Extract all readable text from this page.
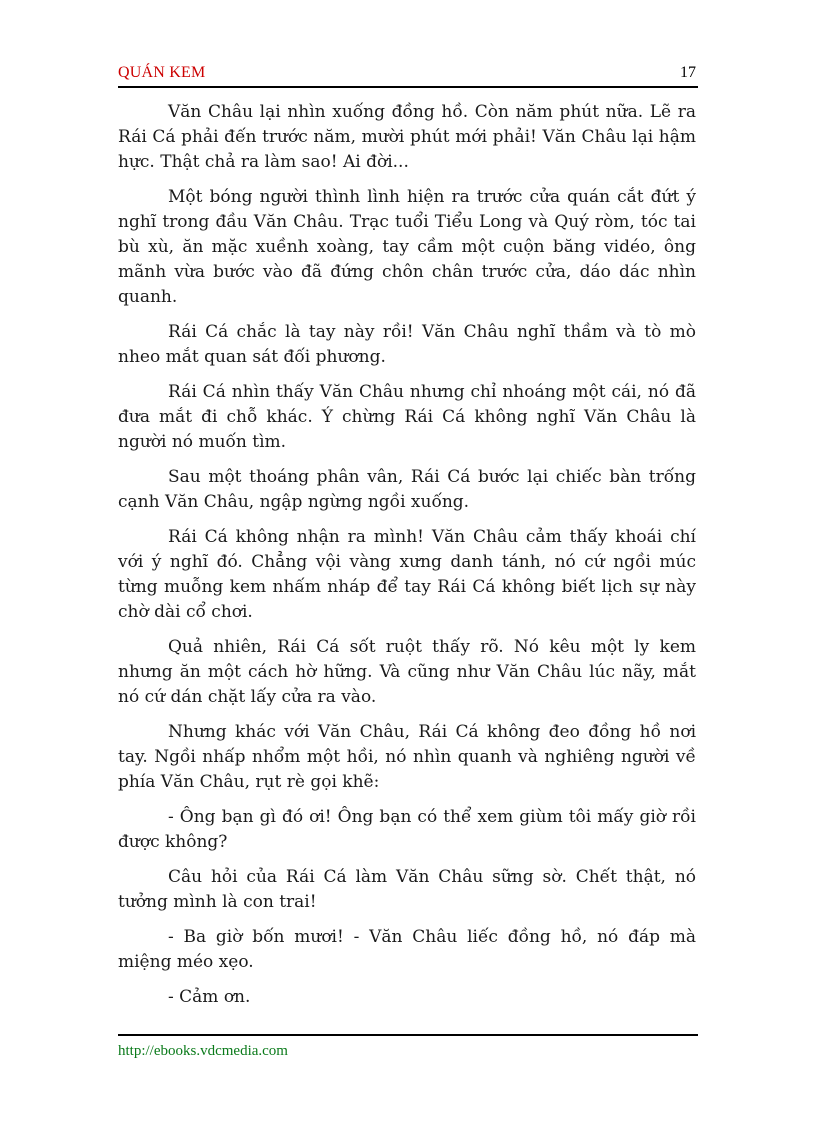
QUÁN KEM	17

Văn Châu lại nhìn xuống đồng hồ. Còn năm phút nữa. Lẽ ra Rái Cá phải đến trước năm, mười phút mới phải! Văn Châu lại hậm hực. Thật chả ra làm sao! Ai đời...

Một bóng người thình lình hiện ra trước cửa quán cắt đứt ý nghĩ trong đầu Văn Châu. Trạc tuổi Tiểu Long và Quý ròm, tóc tai bù xù, ăn mặc xuềnh xoàng, tay cầm một cuộn băng vidéo, ông mãnh vừa bước vào đã đứng chôn chân trước cửa, dáo dác nhìn quanh.

Rái Cá chắc là tay này rồi! Văn Châu nghĩ thầm và tò mò nheo mắt quan sát đối phương.

Rái Cá nhìn thấy Văn Châu nhưng chỉ nhoáng một cái, nó đã đưa mắt đi chỗ khác. Ý chừng Rái Cá không nghĩ Văn Châu là người nó muốn tìm.

Sau một thoáng phân vân, Rái Cá bước lại chiếc bàn trống cạnh Văn Châu, ngập ngừng ngồi xuống.

Rái Cá không nhận ra mình! Văn Châu cảm thấy khoái chí với ý nghĩ đó. Chẳng vội vàng xưng danh tánh, nó cứ ngồi múc từng muỗng kem nhấm nháp để tay Rái Cá không biết lịch sự này chờ dài cổ chơi.

Quả nhiên, Rái Cá sốt ruột thấy rõ. Nó kêu một ly kem nhưng ăn một cách hờ hững. Và cũng như Văn Châu lúc nãy, mắt nó cứ dán chặt lấy cửa ra vào.

Nhưng khác với Văn Châu, Rái Cá không đeo đồng hồ nơi tay. Ngồi nhấp nhổm một hồi, nó nhìn quanh và nghiêng người về phía Văn Châu, rụt rè gọi khẽ:

- Ông bạn gì đó ơi! Ông bạn có thể xem giùm tôi mấy giờ rồi được không?

Câu hỏi của Rái Cá làm Văn Châu sững sờ. Chết thật, nó tưởng mình là con trai!

- Ba giờ bốn mươi! - Văn Châu liếc đồng hồ, nó đáp mà miệng méo xẹo.

- Cảm ơn.

http://ebooks.vdcmedia.com
